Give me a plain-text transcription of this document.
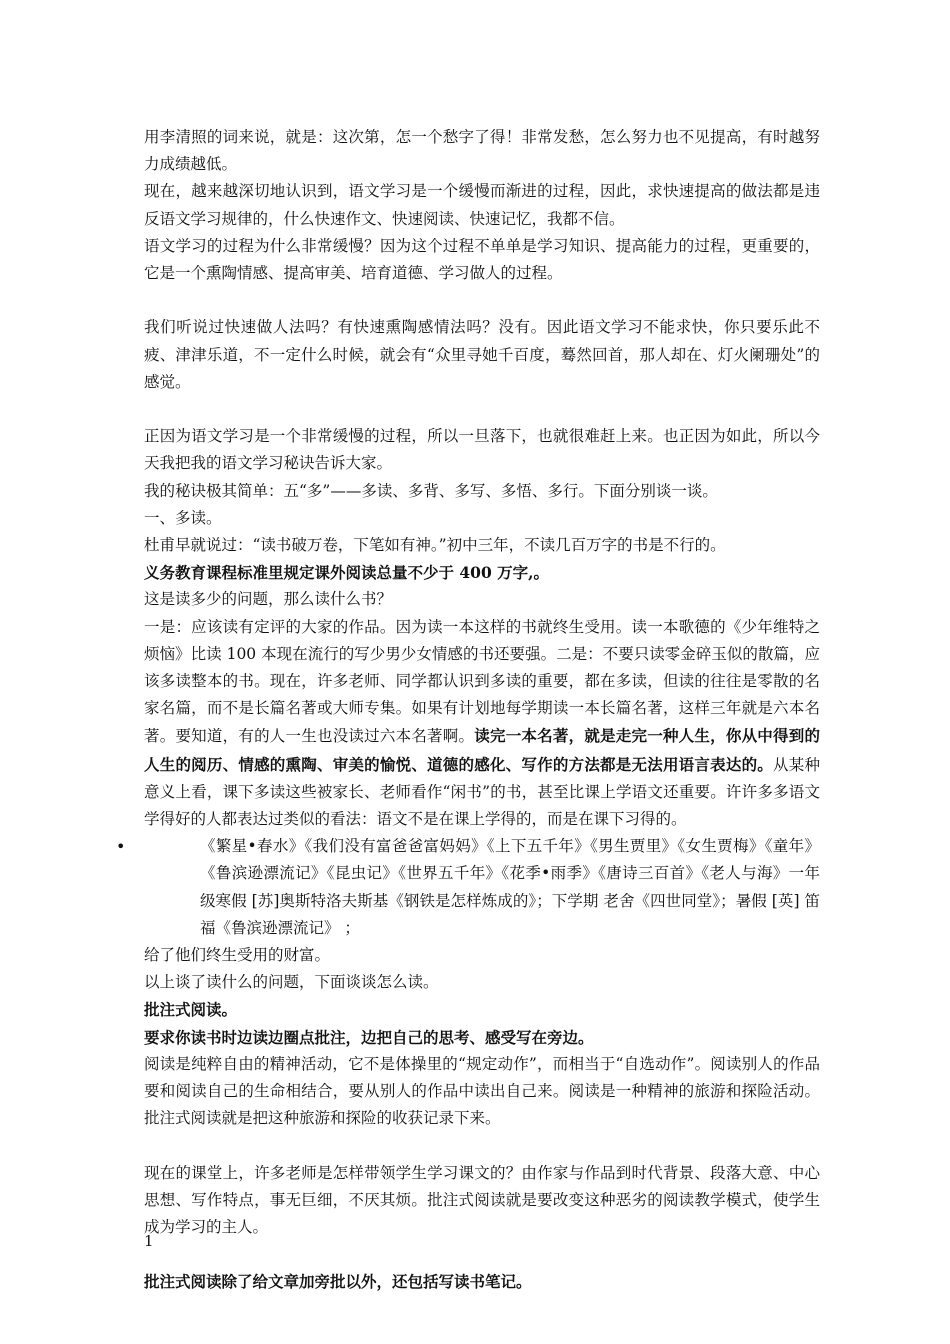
用李清照的词来说，就是：这次第，怎一个愁字了得！非常发愁，怎么努力也不见提高，有时越努力成绩越低。

现在，越来越深切地认识到，语文学习是一个缓慢而渐进的过程，因此，求快速提高的做法都是违反语文学习规律的，什么快速作文、快速阅读、快速记忆，我都不信。

语文学习的过程为什么非常缓慢？因为这个过程不单单是学习知识、提高能力的过程，更重要的，它是一个熏陶情感、提高审美、培育道德、学习做人的过程。

我们听说过快速做人法吗？有快速熏陶感情法吗？没有。因此语文学习不能求快，你只要乐此不疲、津津乐道，不一定什么时候，就会有“众里寻她千百度，蓦然回首，那人却在、灯火阑珊处”的感觉。

正因为语文学习是一个非常缓慢的过程，所以一旦落下，也就很难赶上来。也正因为如此，所以今天我把我的语文学习秘诀告诉大家。

我的秘诀极其简单：五“多”——多读、多背、多写、多悟、多行。下面分别谈一谈。

一、多读。

杜甫早就说过：“读书破万卷，下笔如有神。”初中三年，不读几百万字的书是不行的。

义务教育课程标准里规定课外阅读总量不少于 400 万字,。

这是读多少的问题，那么读什么书？

一是：应该读有定评的大家的作品。因为读一本这样的书就终生受用。读一本歌德的《少年维特之烦恼》比读 100 本现在流行的写少男少女情感的书还要强。二是：不要只读零金碎玉似的散篇，应该多读整本的书。现在，许多老师、同学都认识到多读的重要，都在多读，但读的往往是零散的名家名篇，而不是长篇名著或大师专集。如果有计划地每学期读一本长篇名著，这样三年就是六本名著。要知道，有的人一生也没读过六本名著啊。读完一本名著，就是走完一种人生，你从中得到的人生的阅历、情感的熏陶、审美的愉悦、道德的感化、写作的方法都是无法用语言表达的。从某种意义上看，课下多读这些被家长、老师看作“闲书”的书，甚至比课上学语文还重要。许许多多语文学得好的人都表达过类似的看法：语文不是在课上学得的，而是在课下习得的。

•	《繁星•春水》《我们没有富爸爸富妈妈》《上下五千年》《男生贾里》《女生贾梅》《童年》《鲁滨逊漂流记》《昆虫记》《世界五千年》《花季•雨季》《唐诗三百首》《老人与海》一年级寒假 [苏]奥斯特洛夫斯基《钢铁是怎样炼成的》；下学期 老舍《四世同堂》；暑假 [英] 笛福《鲁滨逊漂流记》 ；

给了他们终生受用的财富。

以上谈了读什么的问题，下面谈谈怎么读。

批注式阅读。

要求你读书时边读边圈点批注，边把自己的思考、感受写在旁边。

阅读是纯粹自由的精神活动，它不是体操里的“规定动作”，而相当于“自选动作”。阅读别人的作品要和阅读自己的生命相结合，要从别人的作品中读出自己来。阅读是一种精神的旅游和探险活动。批注式阅读就是把这种旅游和探险的收获记录下来。

现在的课堂上，许多老师是怎样带领学生学习课文的？由作家与作品到时代背景、段落大意、中心思想、写作特点，事无巨细，不厌其烦。批注式阅读就是要改变这种恶劣的阅读教学模式，使学生成为学习的主人。

批注式阅读除了给文章加旁批以外，还包括写读书笔记。

1
